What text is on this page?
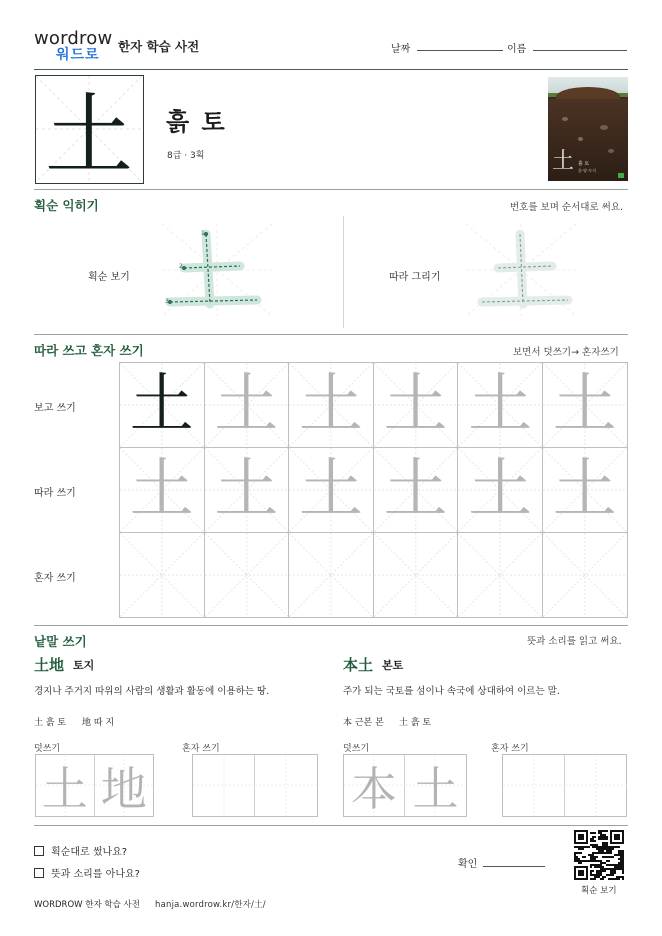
wordrow
워드로
한자 학습 사전	날짜	이름
土	흙 토
8급 · 3획	土 흙 토
흙·땅·토지
획순 익히기	번호를 보며 순서대로 써요.
획순 보기
1
2
3
따라 그리기
따라 쓰고 혼자 쓰기	보면서 덧쓰기→ 혼자쓰기
보고 쓰기
따라 쓰기
혼자 쓰기
土 土 土 土 土 土
土 土 土 土 土 土
낱말 쓰기	뜻과 소리를 읽고 써요.
土地 토지
경지나 주거지 따위의 사람의 생활과 활동에 이용하는 땅.
土 흙 토 地 따 지
덧쓰기	혼자 쓰기
土 地
本土 본토
주가 되는 국토를 섬이나 속국에 상대하여 이르는 말.
本 근본 본 土 흙 토
덧쓰기	혼자 쓰기
本 土
획순대로 썼나요?
뜻과 소리를 아나요?
확인
획순 보기
WORDROW 한자 학습 사전 hanja.wordrow.kr/한자/土/
